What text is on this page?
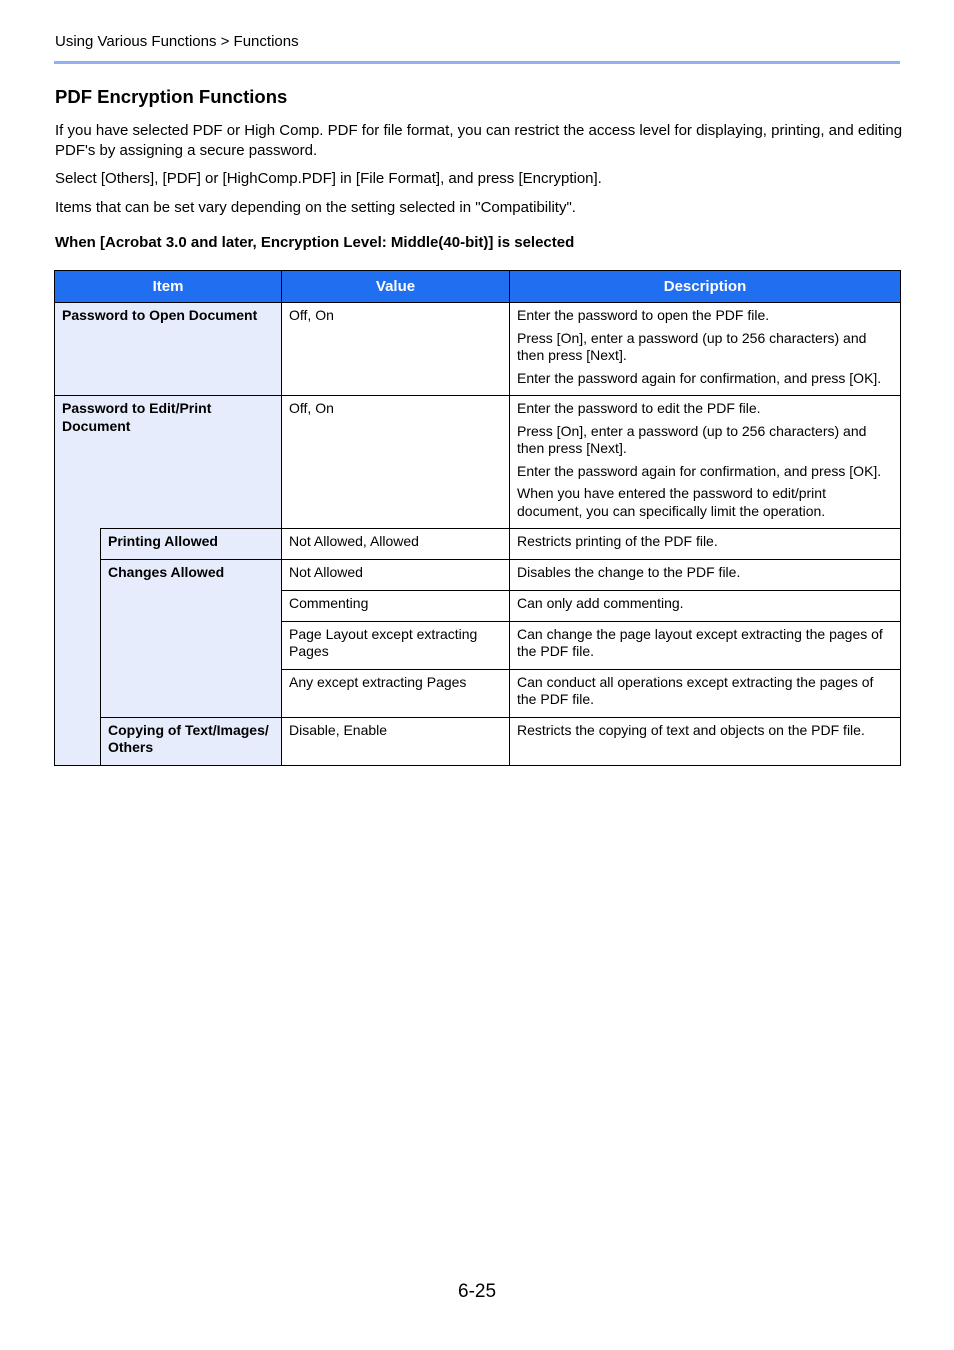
Using Various Functions > Functions
PDF Encryption Functions

If you have selected PDF or High Comp. PDF for file format, you can restrict the access level for displaying, printing, and editing PDF's by assigning a secure password.

Select [Others], [PDF] or [HighComp.PDF] in [File Format], and press [Encryption].

Items that can be set vary depending on the setting selected in "Compatibility".

When [Acrobat 3.0 and later, Encryption Level: Middle(40-bit)] is selected
Item		Value	Description

Password to Open Document		Off, On	Enter the password to open the PDF file.

Press [On], enter a password (up to 256 characters) and then press [Next].

Enter the password again for confirmation, and press [OK].

Password to Edit/Print Document		Off, On	Enter the password to edit the PDF file.

Press [On], enter a password (up to 256 characters) and then press [Next].

Enter the password again for confirmation, and press [OK].

When you have entered the password to edit/print document, you can specifically limit the operation.

	Printing Allowed	Not Allowed, Allowed	Restricts printing of the PDF file.

	Changes Allowed	Not Allowed	Disables the change to the PDF file.

		Commenting	Can only add commenting.

		Page Layout except extracting Pages	Can change the page layout except extracting the pages of the PDF file.

		Any except extracting Pages	Can conduct all operations except extracting the pages of the PDF file.

	Copying of Text/Images/ Others	Disable, Enable	Restricts the copying of text and objects on the PDF file.
6-25
